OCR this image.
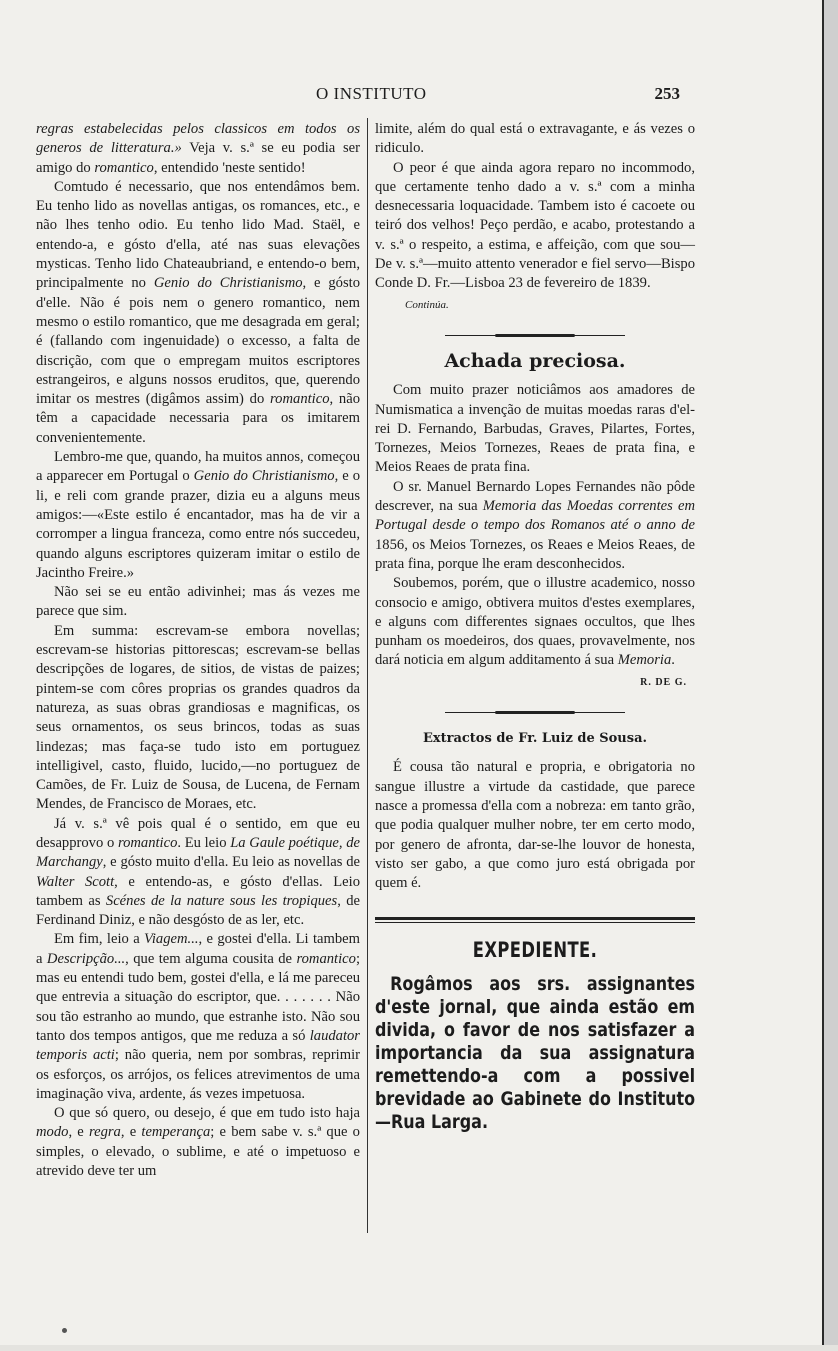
O INSTITUTO	253

regras estabelecidas pelos classicos em todos os generos de litteratura.» Veja v. s.ª se eu podia ser amigo do romantico, entendido 'neste sentido!

Comtudo é necessario, que nos entendâmos bem. Eu tenho lido as novellas antigas, os romances, etc., e não lhes tenho odio. Eu tenho lido Mad. Staël, e entendo-a, e gósto d'ella, até nas suas elevações mysticas. Tenho lido Chateaubriand, e entendo-o bem, principalmente no Genio do Christianismo, e gósto d'elle. Não é pois nem o genero romantico, nem mesmo o estilo romantico, que me desagrada em geral; é (fallando com ingenuidade) o excesso, a falta de discrição, com que o empregam muitos escriptores estrangeiros, e alguns nossos eruditos, que, querendo imitar os mestres (digâmos assim) do romantico, não têm a capacidade necessaria para os imitarem convenientemente.

Lembro-me que, quando, ha muitos annos, começou a apparecer em Portugal o Genio do Christianismo, e o li, e reli com grande prazer, dizia eu a alguns meus amigos:—«Este estilo é encantador, mas ha de vir a corromper a lingua franceza, como entre nós succedeu, quando alguns escriptores quizeram imitar o estilo de Jacintho Freire.»

Não sei se eu então adivinhei; mas ás vezes me parece que sim.

Em summa: escrevam-se embora novellas; escrevam-se historias pittorescas; escrevam-se bellas descripções de logares, de sitios, de vistas de paizes; pintem-se com côres proprias os grandes quadros da natureza, as suas obras grandiosas e magnificas, os seus ornamentos, os seus brincos, todas as suas lindezas; mas faça-se tudo isto em portuguez intelligivel, casto, fluido, lucido,—no portuguez de Camões, de Fr. Luiz de Sousa, de Lucena, de Fernam Mendes, de Francisco de Moraes, etc.

Já v. s.ª vê pois qual é o sentido, em que eu desapprovo o romantico. Eu leio La Gaule poétique, de Marchangy, e gósto muito d'ella. Eu leio as novellas de Walter Scott, e entendo-as, e gósto d'ellas. Leio tambem as Scénes de la nature sous les tropiques, de Ferdinand Diniz, e não desgósto de as ler, etc.

Em fim, leio a Viagem..., e gostei d'ella. Li tambem a Descripção..., que tem alguma cousita de romantico; mas eu entendi tudo bem, gostei d'ella, e lá me pareceu que entrevia a situação do escriptor, que. . . . . . . Não sou tão estranho ao mundo, que estranhe isto. Não sou tanto dos tempos antigos, que me reduza a só laudator temporis acti; não queria, nem por sombras, reprimir os esforços, os arrójos, os felices atrevimentos de uma imaginação viva, ardente, ás vezes impetuosa.

O que só quero, ou desejo, é que em tudo isto haja modo, e regra, e temperança; e bem sabe v. s.ª que o simples, o elevado, o sublime, e até o impetuoso e atrevido deve ter um

limite, além do qual está o extravagante, e ás vezes o ridiculo.

O peor é que ainda agora reparo no incommodo, que certamente tenho dado a v. s.ª com a minha desnecessaria loquacidade. Tambem isto é cacoete ou teiró dos velhos! Peço perdão, e acabo, protestando a v. s.ª o respeito, a estima, e affeição, com que sou—De v. s.ª—muito attento venerador e fiel servo—Bispo Conde D. Fr.—Lisboa 23 de fevereiro de 1839.

Continúa.

Achada preciosa.

Com muito prazer noticiâmos aos amadores de Numismatica a invenção de muitas moedas raras d'el-rei D. Fernando, Barbudas, Graves, Pilartes, Fortes, Tornezes, Meios Tornezes, Reaes de prata fina, e Meios Reaes de prata fina.

O sr. Manuel Bernardo Lopes Fernandes não pôde descrever, na sua Memoria das Moedas correntes em Portugal desde o tempo dos Romanos até o anno de 1856, os Meios Tornezes, os Reaes e Meios Reaes, de prata fina, porque lhe eram desconhecidos.

Soubemos, porém, que o illustre academico, nosso consocio e amigo, obtivera muitos d'estes exemplares, e alguns com differentes signaes occultos, que lhes punham os moedeiros, dos quaes, provavelmente, nos dará noticia em algum additamento á sua Memoria.

R. DE G.
Extractos de Fr. Luiz de Sousa.

É cousa tão natural e propria, e obrigatoria no sangue illustre a virtude da castidade, que parece nasce a promessa d'ella com a nobreza: em tanto grão, que podia qualquer mulher nobre, ter em certo modo, por genero de afronta, dar-se-lhe louvor de honesta, visto ser gabo, a que como juro está obrigada por quem é.

EXPEDIENTE.

Rogâmos aos srs. assignantes d'este jornal, que ainda estão em divida, o favor de nos satisfazer a importancia da sua assignatura remettendo-a com a possivel brevidade ao Gabinete do Instituto—Rua Larga.
